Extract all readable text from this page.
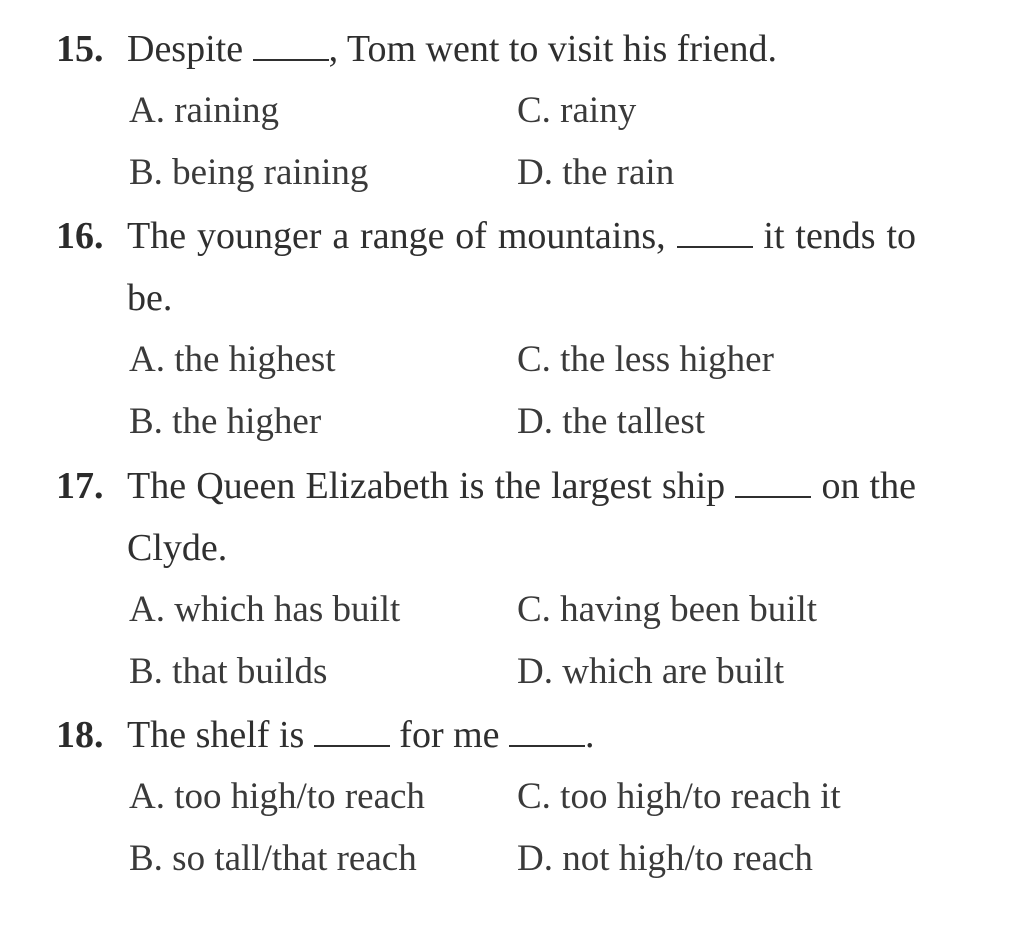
15. Despite , Tom went to visit his friend.
A. raining	C. rainy
B. being raining	D. the rain
16. The younger a range of mountains,	it tends to be.
A. the highest	C. the less higher
B. the higher	D. the tallest
17. The Queen Elizabeth is the largest ship	on the Clyde.
A. which has built	C. having been built
B. that builds	D. which are built
18. The shelf is	for me .
A. too high/to reach C. too high/to reach it
B. so tall/that reach	D. not high/to reach
